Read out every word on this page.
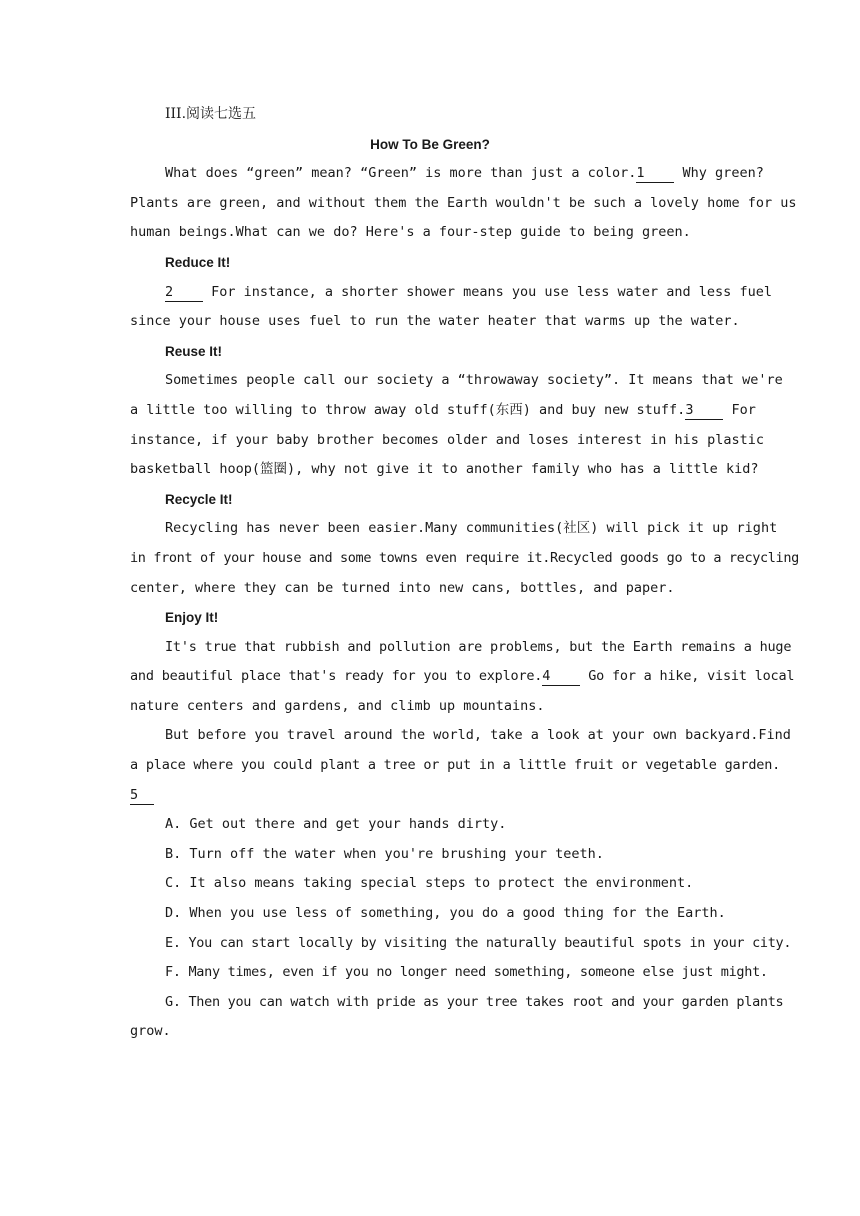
III.阅读七选五
How To Be Green?
What does “green” mean? “Green” is more than just a color.1	Why green?
Plants are green, and without them the Earth wouldn't be such a lovely home for us
human beings.What can we do? Here's a four-step guide to being green.
Reduce It!
2	For instance, a shorter shower means you use less water and less fuel
since your house uses fuel to run the water heater that warms up the water.
Reuse It!
Sometimes people call our society a “throwaway society”. It means that we're
a little too willing to throw away old stuff(东西) and buy new stuff.3	For
instance, if your baby brother becomes older and loses interest in his plastic
basketball hoop(篮圈), why not give it to another family who has a little kid?
Recycle It!
Recycling has never been easier.Many communities(社区) will pick it up right
in front of your house and some towns even require it.Recycled goods go to a recycling
center, where they can be turned into new cans, bottles, and paper.
Enjoy It!
It's true that rubbish and pollution are problems, but the Earth remains a huge
and beautiful place that's ready for you to explore.4	Go for a hike, visit local
nature centers and gardens, and climb up mountains.
But before you travel around the world, take a look at your own backyard.Find
a place where you could plant a tree or put in a little fruit or vegetable garden.
5
A. Get out there and get your hands dirty.
B. Turn off the water when you're brushing your teeth.
C. It also means taking special steps to protect the environment.
D. When you use less of something, you do a good thing for the Earth.
E. You can start locally by visiting the naturally beautiful spots in your city.
F. Many times, even if you no longer need something, someone else just might.
G. Then you can watch with pride as your tree takes root and your garden plants
grow.
